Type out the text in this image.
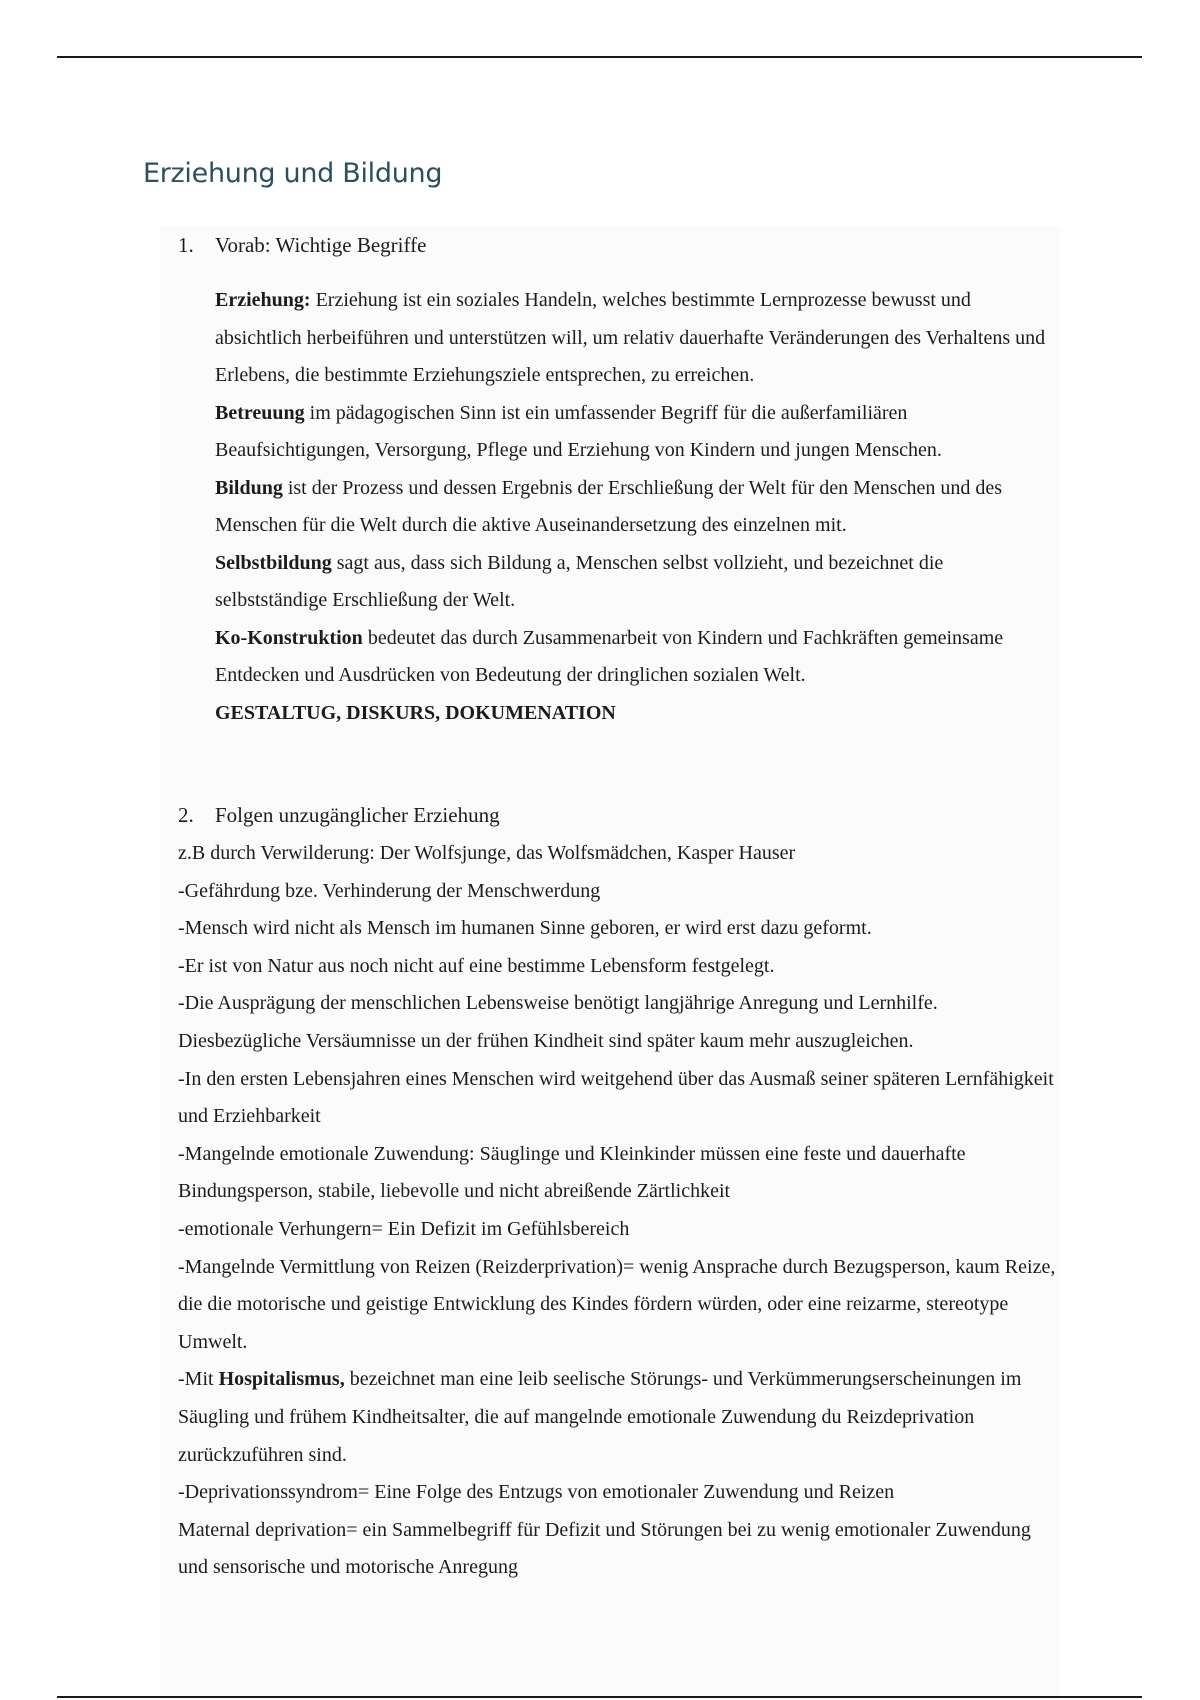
Erziehung und Bildung
1. Vorab: Wichtige Begriffe

Erziehung: Erziehung ist ein soziales Handeln, welches bestimmte Lernprozesse bewusst und absichtlich herbeiführen und unterstützen will, um relativ dauerhafte Veränderungen des Verhaltens und Erlebens, die bestimmte Erziehungsziele entsprechen, zu erreichen.

Betreuung im pädagogischen Sinn ist ein umfassender Begriff für die außerfamiliären Beaufsichtigungen, Versorgung, Pflege und Erziehung von Kindern und jungen Menschen.

Bildung ist der Prozess und dessen Ergebnis der Erschließung der Welt für den Menschen und des Menschen für die Welt durch die aktive Auseinandersetzung des einzelnen mit.

Selbstbildung sagt aus, dass sich Bildung a, Menschen selbst vollzieht, und bezeichnet die selbstständige Erschließung der Welt.

Ko-Konstruktion bedeutet das durch Zusammenarbeit von Kindern und Fachkräften gemeinsame Entdecken und Ausdrücken von Bedeutung der dringlichen sozialen Welt.

GESTALTUG, DISKURS, DOKUMENATION

2. Folgen unzugänglicher Erziehung

z.B durch Verwilderung: Der Wolfsjunge, das Wolfsmädchen, Kasper Hauser

-Gefährdung bze. Verhinderung der Menschwerdung

-Mensch wird nicht als Mensch im humanen Sinne geboren, er wird erst dazu geformt.

-Er ist von Natur aus noch nicht auf eine bestimme Lebensform festgelegt.

-Die Ausprägung der menschlichen Lebensweise benötigt langjährige Anregung und Lernhilfe. Diesbezügliche Versäumnisse un der frühen Kindheit sind später kaum mehr auszugleichen.

-In den ersten Lebensjahren eines Menschen wird weitgehend über das Ausmaß seiner späteren Lernfähigkeit und Erziehbarkeit

-Mangelnde emotionale Zuwendung: Säuglinge und Kleinkinder müssen eine feste und dauerhafte Bindungsperson, stabile, liebevolle und nicht abreißende Zärtlichkeit

-emotionale Verhungern= Ein Defizit im Gefühlsbereich

-Mangelnde Vermittlung von Reizen (Reizderprivation)= wenig Ansprache durch Bezugsperson, kaum Reize, die die motorische und geistige Entwicklung des Kindes fördern würden, oder eine reizarme, stereotype Umwelt.

-Mit Hospitalismus, bezeichnet man eine leib seelische Störungs- und Verkümmerungserscheinungen im Säugling und frühem Kindheitsalter, die auf mangelnde emotionale Zuwendung du Reizdeprivation zurückzuführen sind.

-Deprivationssyndrom= Eine Folge des Entzugs von emotionaler Zuwendung und Reizen

Maternal deprivation= ein Sammelbegriff für Defizit und Störungen bei zu wenig emotionaler Zuwendung und sensorische und motorische Anregung
